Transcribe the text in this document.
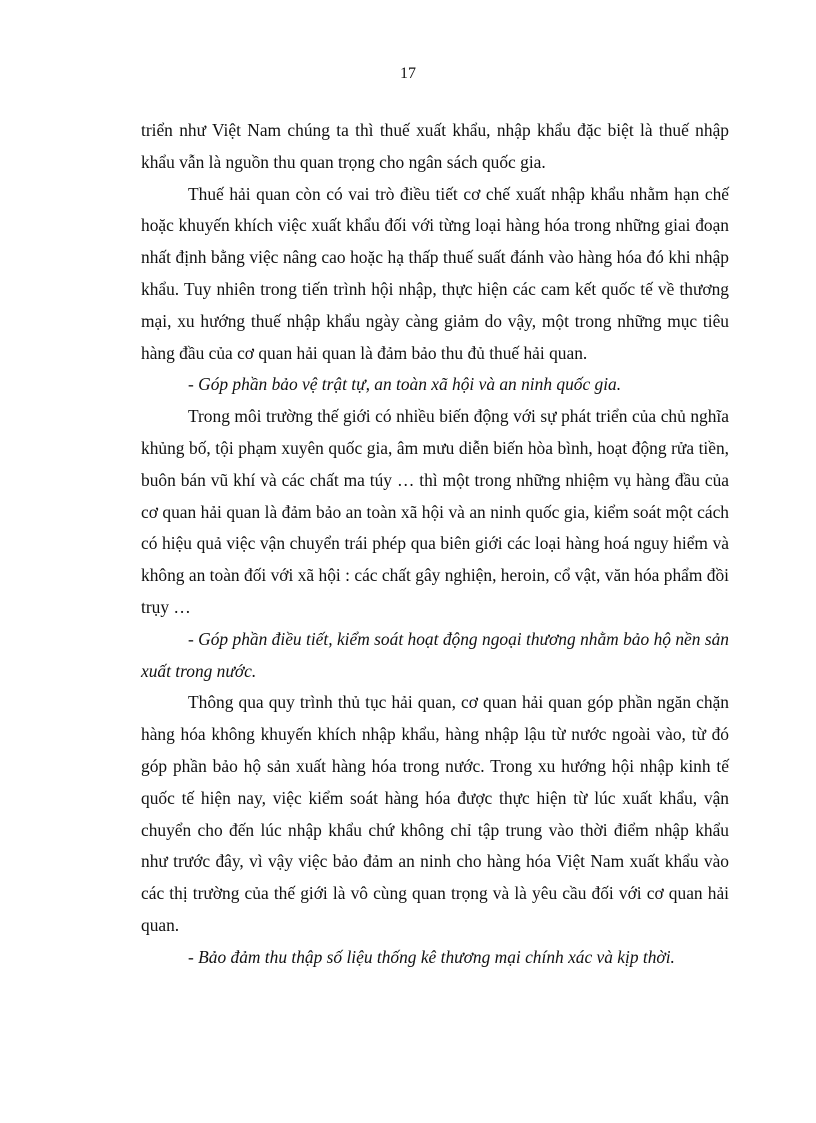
17

triển như Việt Nam chúng ta thì thuế xuất khẩu, nhập khẩu đặc biệt là thuế nhập khẩu vẫn là nguồn thu quan trọng cho ngân sách quốc gia.

Thuế hải quan còn có vai trò điều tiết cơ chế xuất nhập khẩu nhằm hạn chế hoặc khuyến khích việc xuất khẩu đối với từng loại hàng hóa trong những giai đoạn nhất định bằng việc nâng cao hoặc hạ thấp thuế suất đánh vào hàng hóa đó khi nhập khẩu. Tuy nhiên trong tiến trình hội nhập, thực hiện các cam kết quốc tế về thương mại, xu hướng thuế nhập khẩu ngày càng giảm do vậy, một trong những mục tiêu hàng đầu của cơ quan hải quan là đảm bảo thu đủ thuế hải quan.

- Góp phần bảo vệ trật tự, an toàn xã hội và an ninh quốc gia.

Trong môi trường thế giới có nhiều biến động với sự phát triển của chủ nghĩa khủng bố, tội phạm xuyên quốc gia, âm mưu diễn biến hòa bình, hoạt động rửa tiền, buôn bán vũ khí và các chất ma túy … thì một trong những nhiệm vụ hàng đầu của cơ quan hải quan là đảm bảo an toàn xã hội và an ninh quốc gia, kiểm soát một cách có hiệu quả việc vận chuyển trái phép qua biên giới các loại hàng hoá nguy hiểm và không an toàn đối với xã hội : các chất gây nghiện, heroin, cổ vật, văn hóa phẩm đồi trụy …

- Góp phần điều tiết, kiểm soát hoạt động ngoại thương nhằm bảo hộ nền sản xuất trong nước.

Thông qua quy trình thủ tục hải quan, cơ quan hải quan góp phần ngăn chặn hàng hóa không khuyến khích nhập khẩu, hàng nhập lậu từ nước ngoài vào, từ đó góp phần bảo hộ sản xuất hàng hóa trong nước. Trong xu hướng hội nhập kinh tế quốc tế hiện nay, việc kiểm soát hàng hóa được thực hiện từ lúc xuất khẩu, vận chuyển cho đến lúc nhập khẩu chứ không chỉ tập trung vào thời điểm nhập khẩu như trước đây, vì vậy việc bảo đảm an ninh cho hàng hóa Việt Nam xuất khẩu vào các thị trường của thế giới là vô cùng quan trọng và là yêu cầu đối với cơ quan hải quan.

- Bảo đảm thu thập số liệu thống kê thương mại chính xác và kịp thời.
